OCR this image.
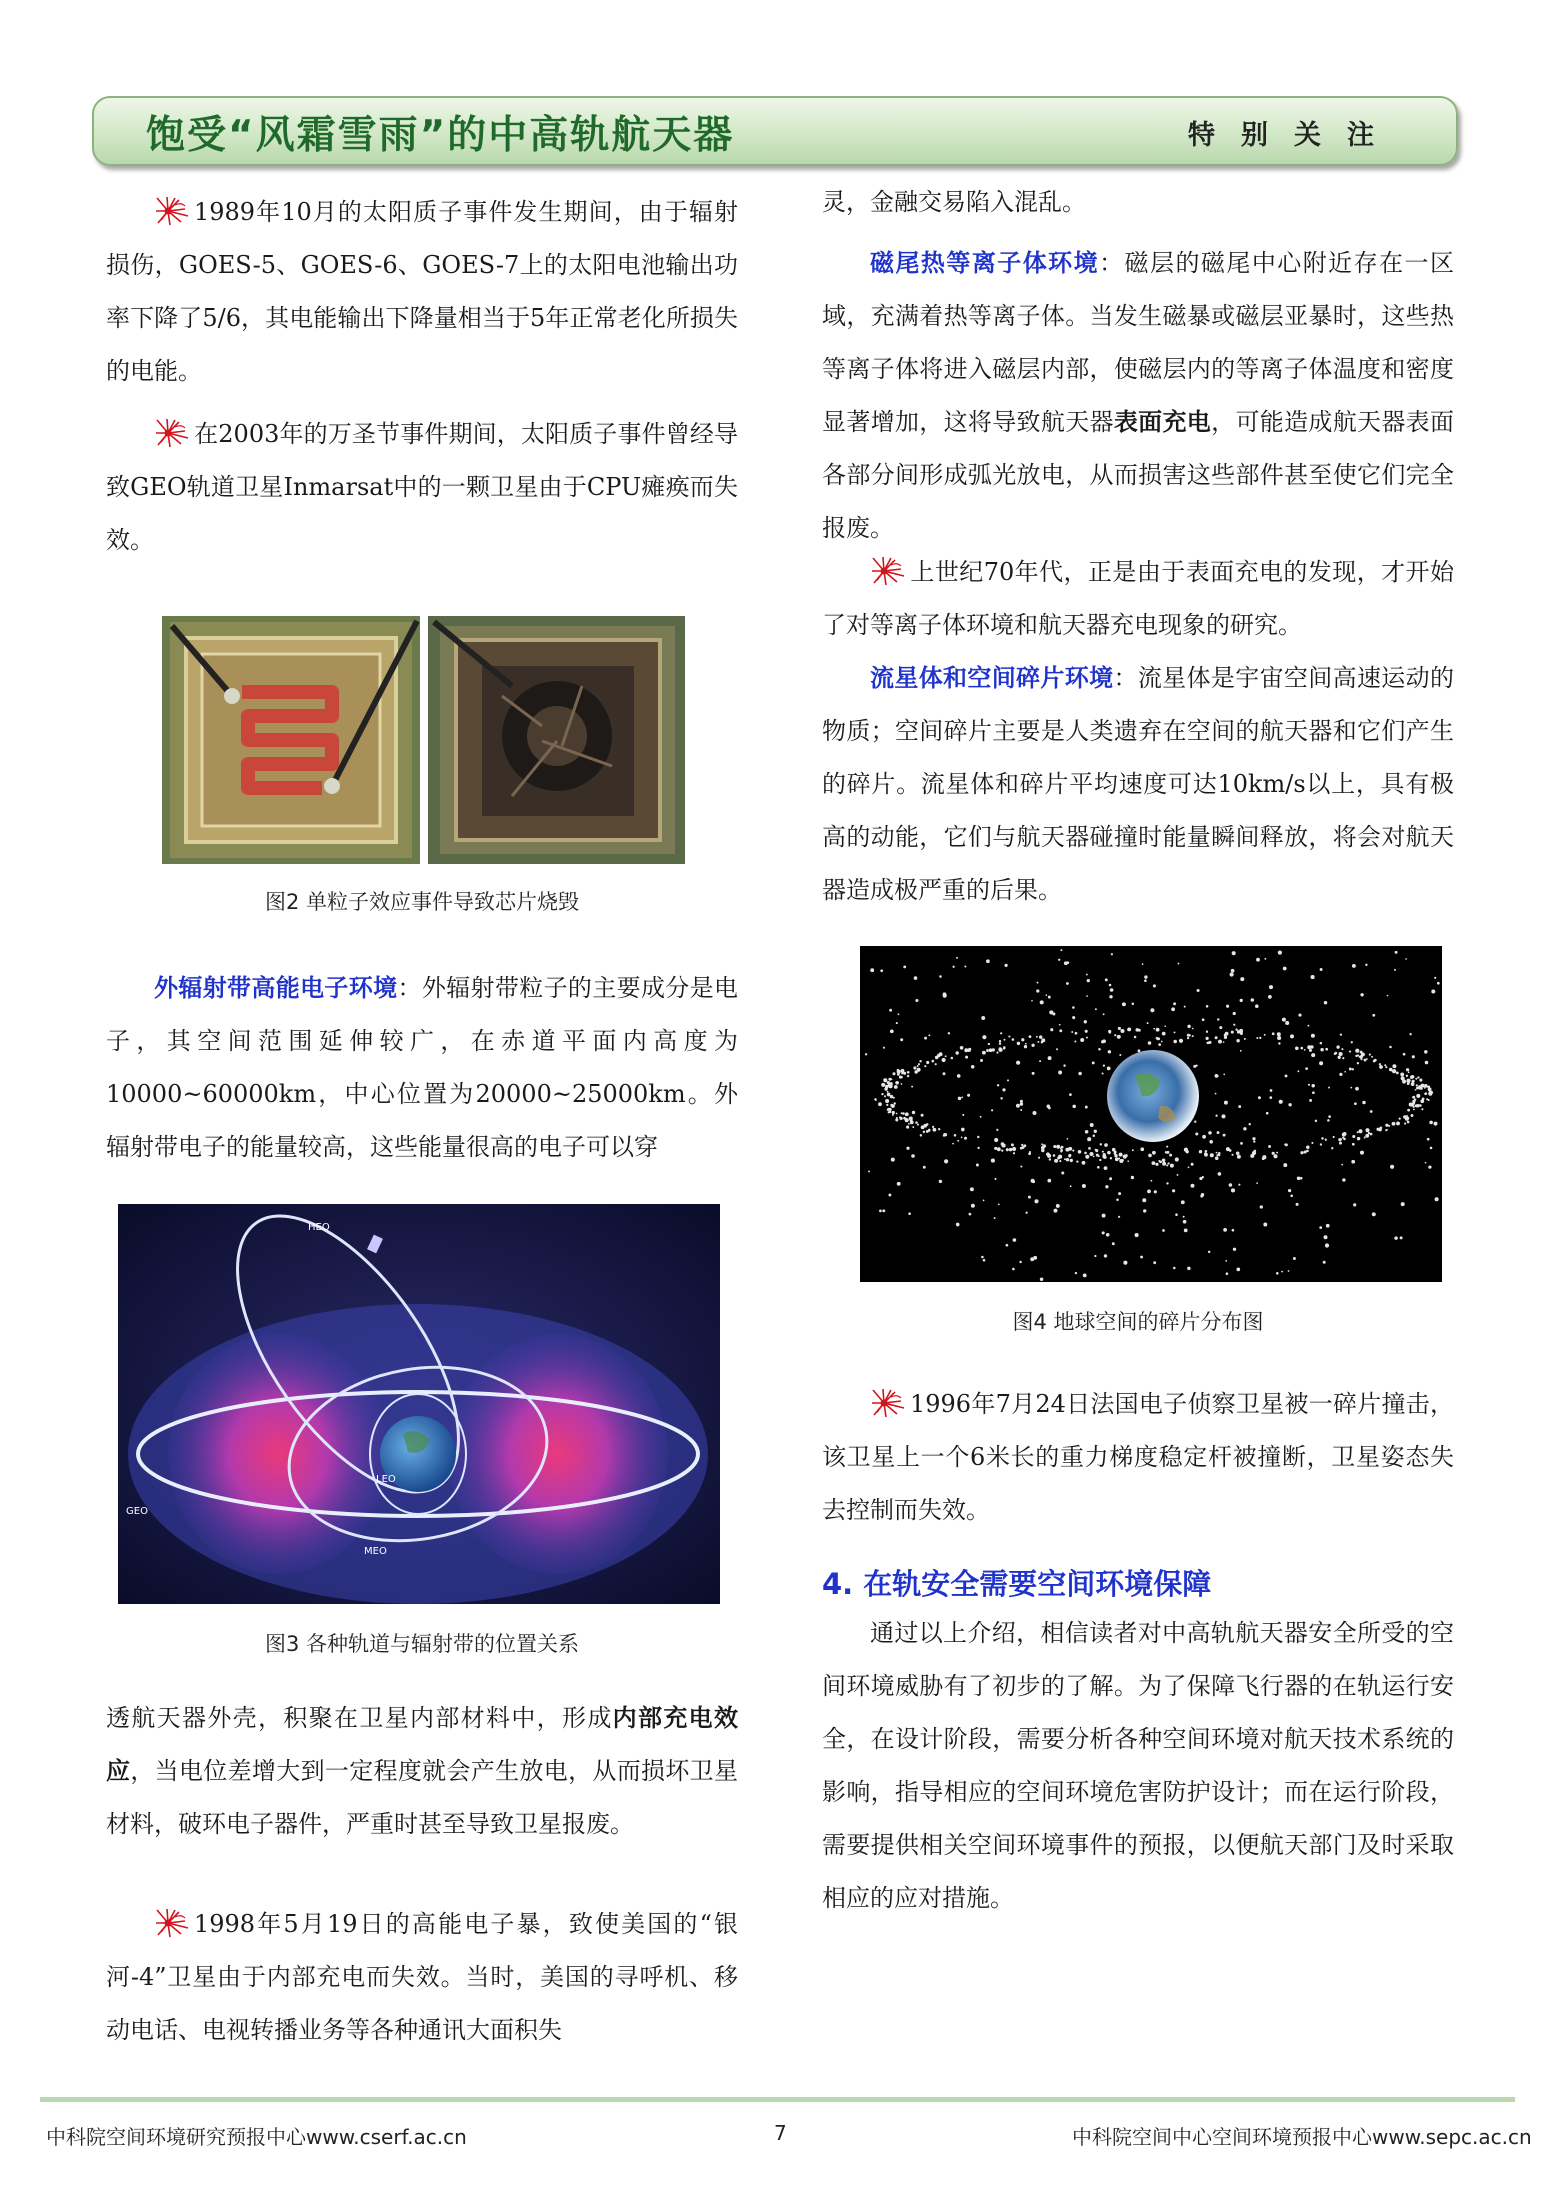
饱受“风霜雪雨”的中高轨航天器	特别关注

1989年10月的太阳质子事件发生期间，由于辐射损伤，GOES-5、GOES-6、GOES-7上的太阳电池输出功率下降了5/6，其电能输出下降量相当于5年正常老化所损失的电能。

在2003年的万圣节事件期间，太阳质子事件曾经导致GEO轨道卫星Inmarsat中的一颗卫星由于CPU瘫痪而失效。

图2 单粒子效应事件导致芯片烧毁

外辐射带高能电子环境：外辐射带粒子的主要成分是电子，其空间范围延伸较广，在赤道平面内高度为10000~60000km，中心位置为20000~25000km。外辐射带电子的能量较高，这些能量很高的电子可以穿

HEO
LEO
MEO
GEO
图3 各种轨道与辐射带的位置关系

透航天器外壳，积聚在卫星内部材料中，形成内部充电效应，当电位差增大到一定程度就会产生放电，从而损坏卫星材料，破环电子器件，严重时甚至导致卫星报废。

1998年5月19日的高能电子暴，致使美国的“银河-4”卫星由于内部充电而失效。当时，美国的寻呼机、移动电话、电视转播业务等各种通讯大面积失

灵，金融交易陷入混乱。

磁尾热等离子体环境：磁层的磁尾中心附近存在一区域，充满着热等离子体。当发生磁暴或磁层亚暴时，这些热等离子体将进入磁层内部，使磁层内的等离子体温度和密度显著增加，这将导致航天器表面充电，可能造成航天器表面各部分间形成弧光放电，从而损害这些部件甚至使它们完全报废。

上世纪70年代，正是由于表面充电的发现，才开始了对等离子体环境和航天器充电现象的研究。

流星体和空间碎片环境：流星体是宇宙空间高速运动的物质；空间碎片主要是人类遗弃在空间的航天器和它们产生的碎片。流星体和碎片平均速度可达10km/s以上，具有极高的动能，它们与航天器碰撞时能量瞬间释放，将会对航天器造成极严重的后果。

图4 地球空间的碎片分布图

1996年7月24日法国电子侦察卫星被一碎片撞击，该卫星上一个6米长的重力梯度稳定杆被撞断，卫星姿态失去控制而失效。

4. 在轨安全需要空间环境保障

通过以上介绍，相信读者对中高轨航天器安全所受的空间环境威胁有了初步的了解。为了保障飞行器的在轨运行安全，在设计阶段，需要分析各种空间环境对航天技术系统的影响，指导相应的空间环境危害防护设计；而在运行阶段，需要提供相关空间环境事件的预报，以便航天部门及时采取相应的应对措施。

中科院空间环境研究预报中心www.cserf.ac.cn	7	中科院空间中心空间环境预报中心www.sepc.ac.cn
